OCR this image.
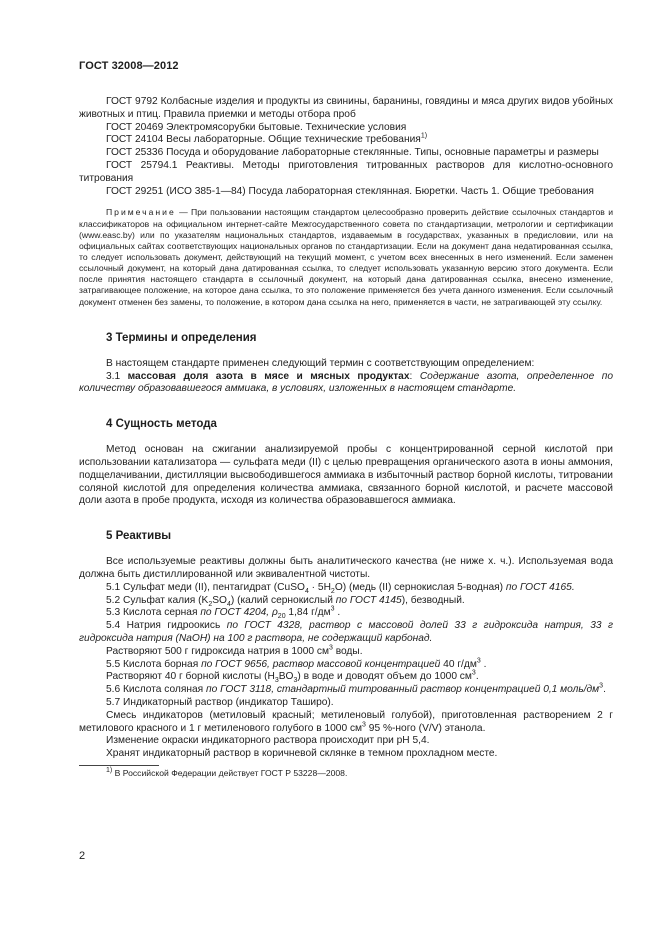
ГОСТ 32008—2012

ГОСТ 9792 Колбасные изделия и продукты из свинины, баранины, говядины и мяса других видов убойных животных и птиц. Правила приемки и методы отбора проб

ГОСТ 20469 Электромясорубки бытовые. Технические условия

ГОСТ 24104 Весы лабораторные. Общие технические требования$^{1)}$

ГОСТ 25336 Посуда и оборудование лабораторные стеклянные. Типы, основные параметры и размеры

ГОСТ 25794.1 Реактивы. Методы приготовления титрованных растворов для кислотно-основного титрования

ГОСТ 29251 (ИСО 385-1—84) Посуда лабораторная стеклянная. Бюретки. Часть 1. Общие требования

Примечание — При пользовании настоящим стандартом целесообразно проверить действие ссылочных стандартов и классификаторов на официальном интернет-сайте Межгосударственного совета по стандартизации, метрологии и сертификации (www.easc.by) или по указателям национальных стандартов, издаваемым в государствах, указанных в предисловии, или на официальных сайтах соответствующих национальных органов по стандартизации. Если на документ дана недатированная ссылка, то следует использовать документ, действующий на текущий момент, с учетом всех внесенных в него изменений. Если заменен ссылочный документ, на который дана датированная ссылка, то следует использовать указанную версию этого документа. Если после принятия настоящего стандарта в ссылочный документ, на который дана датированная ссылка, внесено изменение, затрагивающее положение, на которое дана ссылка, то это положение применяется без учета данного изменения. Если ссылочный документ отменен без замены, то положение, в котором дана ссылка на него, применяется в части, не затрагивающей эту ссылку.

3 Термины и определения

В настоящем стандарте применен следующий термин с соответствующим определением:

3.1 массовая доля азота в мясе и мясных продуктах: Содержание азота, определенное по количеству образовавшегося аммиака, в условиях, изложенных в настоящем стандарте.

4 Сущность метода

Метод основан на сжигании анализируемой пробы с концентрированной серной кислотой при использовании катализатора — сульфата меди (II) с целью превращения органического азота в ионы аммония, подщелачивании, дистилляции высвободившегося аммиака в избыточный раствор борной кислоты, титровании соляной кислотой для определения количества аммиака, связанного борной кислотой, и расчете массовой доли азота в пробе продукта, исходя из количества образовавшегося аммиака.

5 Реактивы

Все используемые реактивы должны быть аналитического качества (не ниже х. ч.). Используемая вода должна быть дистиллированной или эквивалентной чистоты.

5.1 Сульфат меди (II), пентагидрат (CuSO$_4$ · $5H_2O$) (медь (II) сернокислая 5-водная) по ГОСТ 4165.

5.2 Сульфат калия $(K_2SO_4)$ (калий сернокислый по ГОСТ 4145), безводный.

5.3 Кислота серная по ГОСТ 4204, $\rho_{20}$ 1,84 $г/дм^3$ .

5.4 Натрия гидроокись по ГОСТ 4328, раствор с массовой долей 33 г гидроксида натрия, 33 г гидроксида натрия (NaOH) на 100 г раствора, не содержащий карбонад.

Растворяют 500 г гидроксида натрия в 1000 $см^3$ воды.

5.5 Кислота борная по ГОСТ 9656, раствор массовой концентрацией 40 $г/дм^3$ .

Растворяют 40 г борной кислоты $(H_3BO_3)$ в воде и доводят объем до 1000 $см^3$.

5.6 Кислота соляная по ГОСТ 3118, стандартный титрованный раствор концентрацией 0,1 моль/$дм^3$.

5.7 Индикаторный раствор (индикатор Таширо).

Смесь индикаторов (метиловый красный; метиленовый голубой), приготовленная растворением 2 г метилового красного и 1 г метиленового голубого в 1000 $см^3$ 95 %-ного (V/V) этанола.

Изменение окраски индикаторного раствора происходит при рН 5,4.

Хранят индикаторный раствор в коричневой склянке в темном прохладном месте.

$^{1)}$ В Российской Федерации действует ГОСТ Р 53228—2008.
2
